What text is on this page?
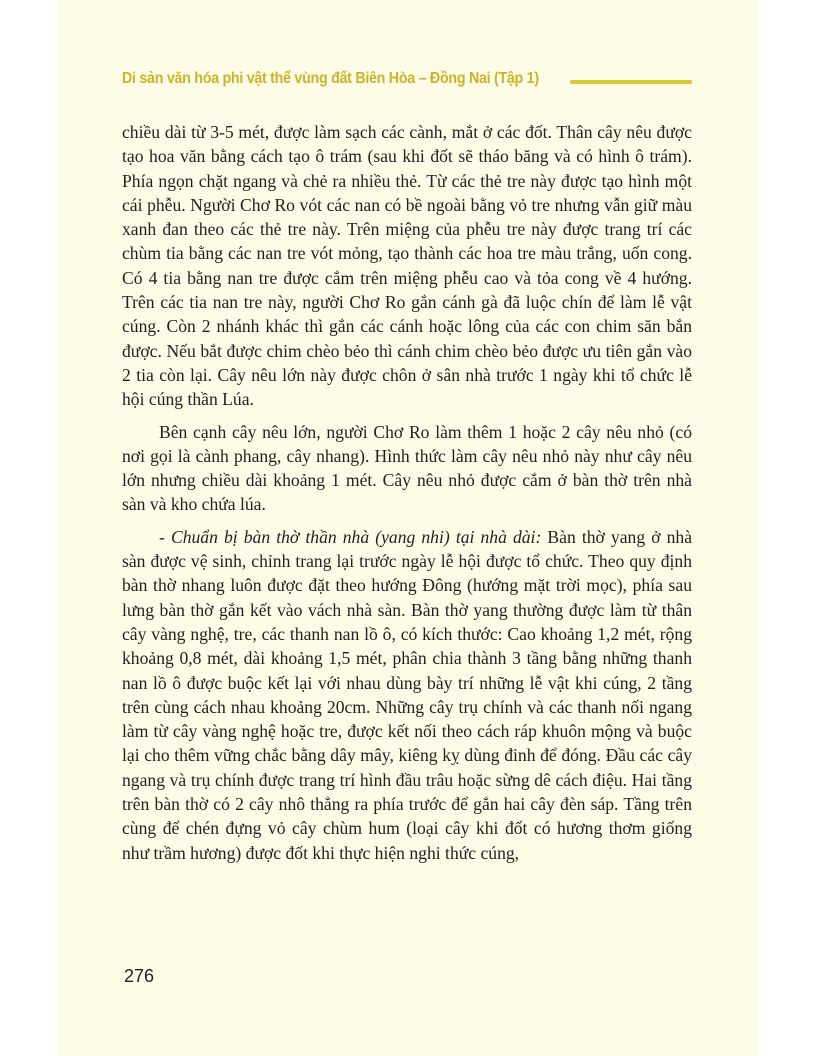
Di sản văn hóa phi vật thể vùng đất Biên Hòa – Đồng Nai (Tập 1)

chiều dài từ 3-5 mét, được làm sạch các cành, mắt ở các đốt. Thân cây nêu được tạo hoa văn bằng cách tạo ô trám (sau khi đốt sẽ tháo băng và có hình ô trám). Phía ngọn chặt ngang và chẻ ra nhiều thẻ. Từ các thẻ tre này được tạo hình một cái phễu. Người Chơ Ro vót các nan có bề ngoài bằng vỏ tre nhưng vẫn giữ màu xanh đan theo các thẻ tre này. Trên miệng của phễu tre này được trang trí các chùm tia bằng các nan tre vót mỏng, tạo thành các hoa tre màu trắng, uốn cong. Có 4 tia bằng nan tre được cắm trên miệng phễu cao và tỏa cong về 4 hướng. Trên các tia nan tre này, người Chơ Ro gắn cánh gà đã luộc chín để làm lễ vật cúng. Còn 2 nhánh khác thì gắn các cánh hoặc lông của các con chim săn bắn được. Nếu bắt được chim chèo bẻo thì cánh chim chèo bẻo được ưu tiên gắn vào 2 tia còn lại. Cây nêu lớn này được chôn ở sân nhà trước 1 ngày khi tổ chức lễ hội cúng thần Lúa.

Bên cạnh cây nêu lớn, người Chơ Ro làm thêm 1 hoặc 2 cây nêu nhỏ (có nơi gọi là cành phang, cây nhang). Hình thức làm cây nêu nhỏ này như cây nêu lớn nhưng chiều dài khoảng 1 mét. Cây nêu nhỏ được cắm ở bàn thờ trên nhà sàn và kho chứa lúa.

- Chuẩn bị bàn thờ thần nhà (yang nhi) tại nhà dài: Bàn thờ yang ở nhà sàn được vệ sinh, chỉnh trang lại trước ngày lễ hội được tổ chức. Theo quy định bàn thờ nhang luôn được đặt theo hướng Đông (hướng mặt trời mọc), phía sau lưng bàn thờ gắn kết vào vách nhà sàn. Bàn thờ yang thường được làm từ thân cây vàng nghệ, tre, các thanh nan lồ ô, có kích thước: Cao khoảng 1,2 mét, rộng khoảng 0,8 mét, dài khoảng 1,5 mét, phân chia thành 3 tầng bằng những thanh nan lồ ô được buộc kết lại với nhau dùng bày trí những lễ vật khi cúng, 2 tầng trên cùng cách nhau khoảng 20cm. Những cây trụ chính và các thanh nối ngang làm từ cây vàng nghệ hoặc tre, được kết nối theo cách ráp khuôn mộng và buộc lại cho thêm vững chắc bằng dây mây, kiêng kỵ dùng đinh để đóng. Đầu các cây ngang và trụ chính được trang trí hình đầu trâu hoặc sừng dê cách điệu. Hai tầng trên bàn thờ có 2 cây nhô thẳng ra phía trước để gắn hai cây đèn sáp. Tầng trên cùng để chén đựng vỏ cây chùm hum (loại cây khi đốt có hương thơm giống như trầm hương) được đốt khi thực hiện nghi thức cúng,

276
